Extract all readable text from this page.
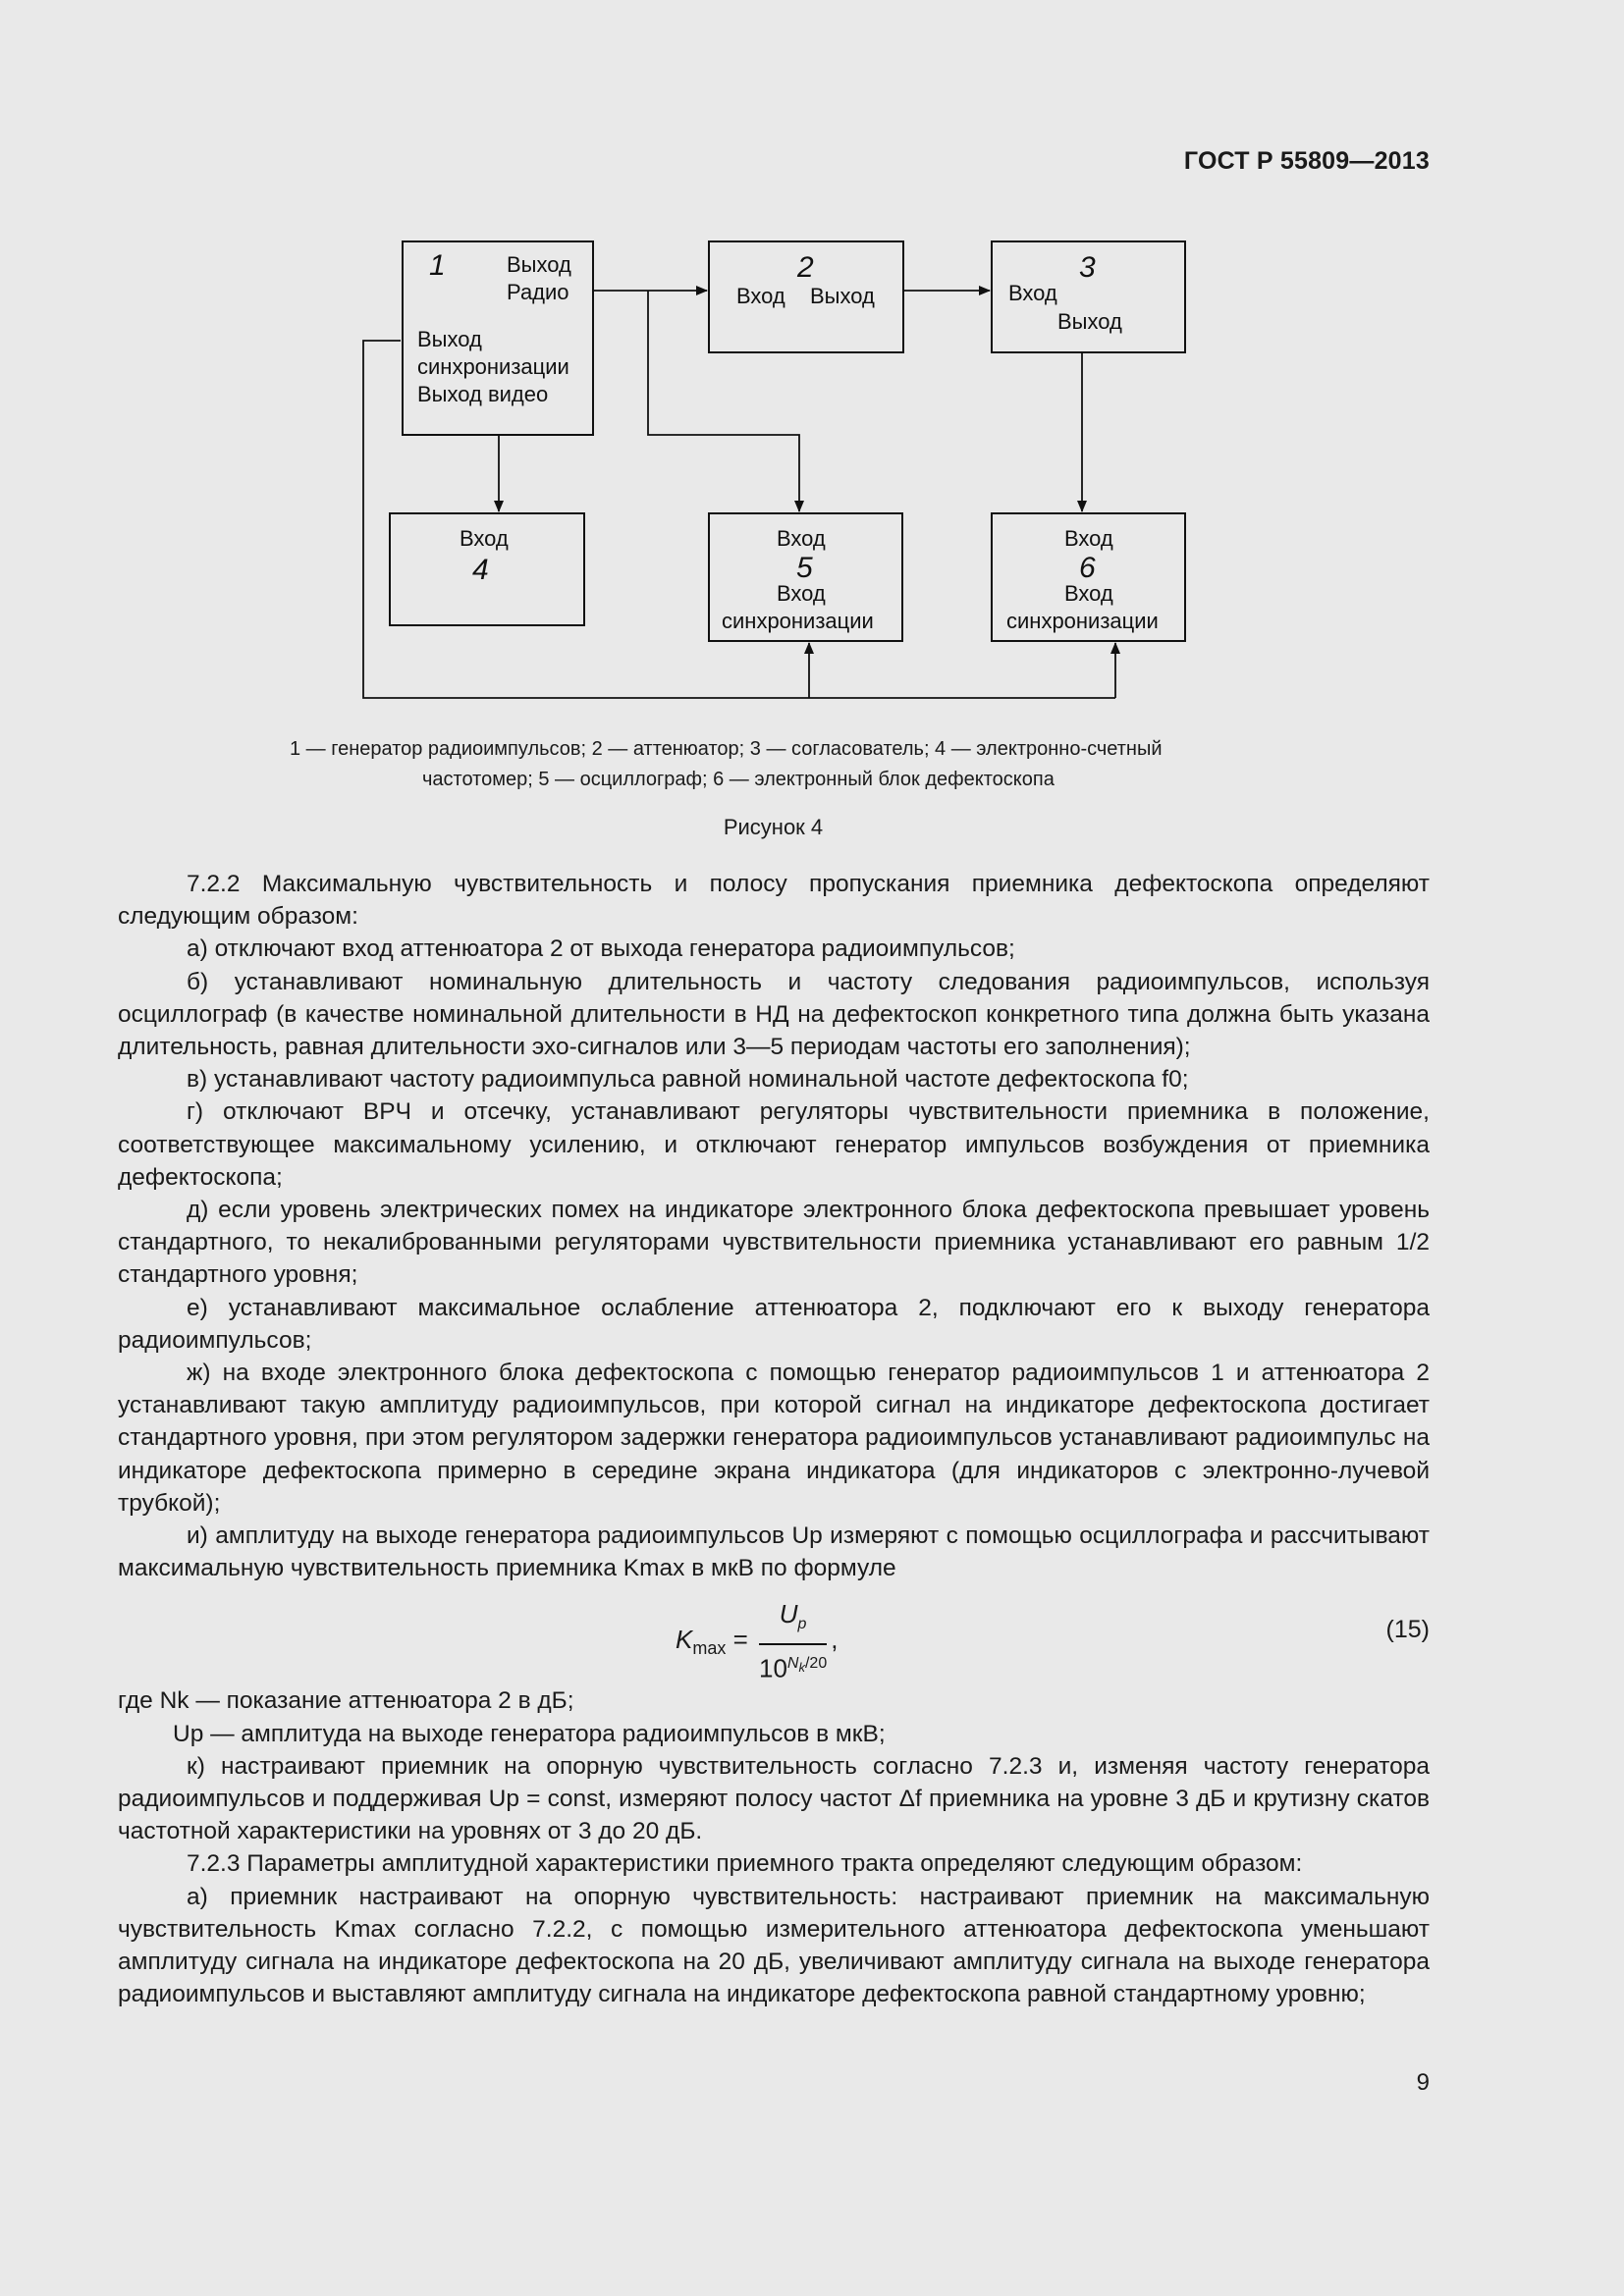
ГОСТ Р 55809—2013
1	Выход
Радио
Выход
синхронизации
Выход видео
2
Вход Выход
3
Вход
Выход
Вход
4
Вход
5
Вход
синхронизации
Вход
6
Вход
синхронизации
1 — генератор радиоимпульсов; 2 — аттенюатор; 3 — согласователь; 4 — электронно-счетный
частотомер; 5 — осциллограф; 6 — электронный блок дефектоскопа
Рисунок 4

7.2.2 Максимальную чувствительность и полосу пропускания приемника дефектоскопа определяют следующим образом:

а) отключают вход аттенюатора 2 от выхода генератора радиоимпульсов;

б) устанавливают номинальную длительность и частоту следования радиоимпульсов, используя осциллограф (в качестве номинальной длительности в НД на дефектоскоп конкретного типа должна быть указана длительность, равная длительности эхо-сигналов или 3—5 периодам частоты его заполнения);

в) устанавливают частоту радиоимпульса равной номинальной частоте дефектоскопа f0;

г) отключают ВРЧ и отсечку, устанавливают регуляторы чувствительности приемника в положение, соответствующее максимальному усилению, и отключают генератор импульсов возбуждения от приемника дефектоскопа;

д) если уровень электрических помех на индикаторе электронного блока дефектоскопа превышает уровень стандартного, то некалиброванными регуляторами чувствительности приемника устанавливают его равным 1/2 стандартного уровня;

е) устанавливают максимальное ослабление аттенюатора 2, подключают его к выходу генератора радиоимпульсов;

ж) на входе электронного блока дефектоскопа с помощью генератор радиоимпульсов 1 и аттенюатора 2 устанавливают такую амплитуду радиоимпульсов, при которой сигнал на индикаторе дефектоскопа достигает стандартного уровня, при этом регулятором задержки генератора радиоимпульсов устанавливают радиоимпульс на индикаторе дефектоскопа примерно в середине экрана индикатора (для индикаторов с электронно-лучевой трубкой);

и) амплитуду на выходе генератора радиоимпульсов Up измеряют с помощью осциллографа и рассчитывают максимальную чувствительность приемника Kmax в мкВ по формуле

$K_{max} = \frac{U_p}{10^{N_k/20}}$ ,	(15)

где Nk — показание аттенюатора 2 в дБ;

Up — амплитуда на выходе генератора радиоимпульсов в мкВ;

к) настраивают приемник на опорную чувствительность согласно 7.2.3 и, изменяя частоту генератора радиоимпульсов и поддерживая Up = const, измеряют полосу частот Δf приемника на уровне 3 дБ и крутизну скатов частотной характеристики на уровнях от 3 до 20 дБ.

7.2.3 Параметры амплитудной характеристики приемного тракта определяют следующим образом:

а) приемник настраивают на опорную чувствительность: настраивают приемник на максимальную чувствительность Kmax согласно 7.2.2, с помощью измерительного аттенюатора дефектоскопа уменьшают амплитуду сигнала на индикаторе дефектоскопа на 20 дБ, увеличивают амплитуду сигнала на выходе генератора радиоимпульсов и выставляют амплитуду сигнала на индикаторе дефектоскопа равной стандартному уровню;

9
